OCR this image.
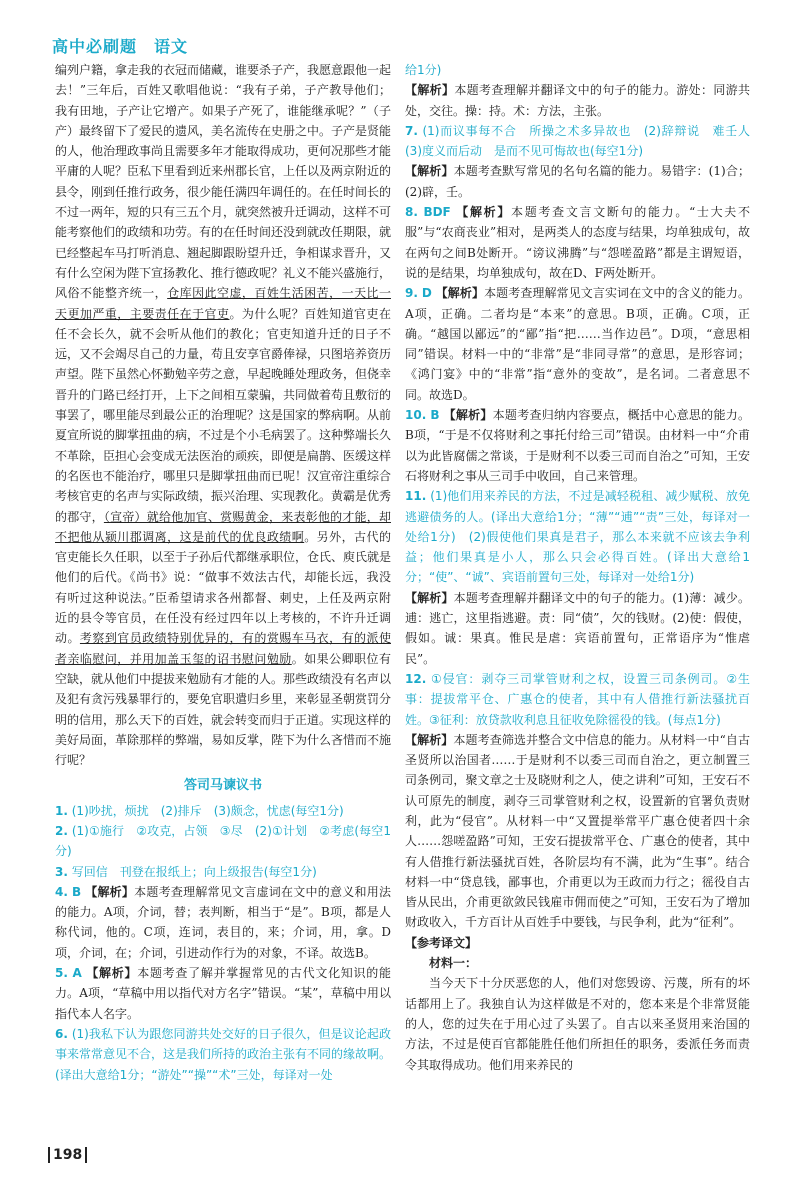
高中必刷题　语文

编列户籍，拿走我的衣冠而储藏，谁要杀子产，我愿意跟他一起去！”三年后，百姓又歌唱他说：“我有子弟，子产教导他们；我有田地，子产让它增产。如果子产死了，谁能继承呢？”（子产）最终留下了爱民的遗风，美名流传在史册之中。子产是贤能的人，他治理政事尚且需要多年才能取得成功，更何况那些才能平庸的人呢？臣私下里看到近来州郡长官，上任以及两京附近的县令，刚到任推行政务，很少能任满四年调任的。在任时间长的不过一两年，短的只有三五个月，就突然被升迁调动，这样不可能考察他们的政绩和功劳。有的在任时间还没到就改任期限，就已经整起车马打听消息、翘起脚跟盼望升迁，争相谋求晋升，又有什么空闲为陛下宣扬教化、推行德政呢？礼义不能兴盛施行，风俗不能整齐统一，仓库因此空虚，百姓生活困苦，一天比一天更加严重，主要责任在于官吏。为什么呢？百姓知道官吏在任不会长久，就不会听从他们的教化；官吏知道升迁的日子不远，又不会竭尽自己的力量，苟且安享官爵俸禄，只图培养资历声望。陛下虽然心怀勤勉辛劳之意，早起晚睡处理政务，但侥幸晋升的门路已经打开，上下之间相互蒙骗，共同做着苟且敷衍的事罢了，哪里能尽到最公正的治理呢？这是国家的弊病啊。从前夏宣所说的脚掌扭曲的病，不过是个小毛病罢了。这种弊端长久不革除，臣担心会变成无法医治的顽疾，即便是扁鹊、医缓这样的名医也不能治疗，哪里只是脚掌扭曲而已呢！汉宣帝注重综合考核官吏的名声与实际政绩，振兴治理、实现教化。黄霸是优秀的郡守，（宣帝）就给他加官、赏赐黄金，来表彰他的才能，却不把他从颍川郡调离，这是前代的优良政绩啊。另外，古代的官吏能长久任职，以至于子孙后代都继承职位，仓氏、庾氏就是他们的后代。《尚书》说：“做事不效法古代，却能长远，我没有听过这种说法。”臣希望请求各州都督、刺史，上任及两京附近的县令等官员，在任没有经过四年以上考核的，不许升迁调动。考察到官员政绩特别优异的，有的赏赐车马衣，有的派使者亲临慰问，并用加盖玉玺的诏书慰问勉励。如果公卿职位有空缺，就从他们中提拔来勉励有才能的人。那些政绩没有名声以及犯有贪污残暴罪行的，要免官职遣归乡里，来彰显圣朝赏罚分明的信用，那么天下的百姓，就会转变而归于正道。实现这样的美好局面，革除那样的弊端，易如反掌，陛下为什么吝惜而不施行呢？

答司马谏议书

1. (1)吵扰，烦扰　(2)排斥　(3)颇念，忧虑(每空1分)

2. (1)①施行　②攻克，占领　③尽　(2)①计划　②考虑(每空1分)

3. 写回信　刊登在报纸上；向上级报告(每空1分)

4. B 【解析】本题考查理解常见文言虚词在文中的意义和用法的能力。A项，介词，替；表判断，相当于“是”。B项，都是人称代词，他的。C项，连词，表目的，来；介词，用，拿。D项，介词，在；介词，引进动作行为的对象，不译。故选B。

5. A 【解析】本题考查了解并掌握常见的古代文化知识的能力。A项，“草稿中用以指代对方名字”错误。“某”，草稿中用以指代本人名字。

6. (1)我私下认为跟您同游共处交好的日子很久，但是议论起政事来常常意见不合，这是我们所持的政治主张有不同的缘故啊。(译出大意给1分；“游处”“操”“术”三处，每译对一处

给1分)

【解析】本题考查理解并翻译文中的句子的能力。游处：同游共处，交往。操：持。术：方法，主张。

7. (1)而议事每不合　所操之术多异故也　(2)辞辩说　难壬人　(3)度义而后动　是而不见可悔故也(每空1分)

【解析】本题考查默写常见的名句名篇的能力。易错字：(1)合；(2)辟，壬。

8. BDF 【解析】本题考查文言文断句的能力。“士大夫不服”与“农商丧业”相对，是两类人的态度与结果，均单独成句，故在两句之间B处断开。“谤议沸腾”与“怨嗟盈路”都是主谓短语，说的是结果，均单独成句，故在D、F两处断开。

9. D 【解析】本题考查理解常见文言实词在文中的含义的能力。A项，正确。二者均是“本来”的意思。B项，正确。C项，正确。“越国以鄙远”的“鄙”指“把……当作边邑”。D项，“意思相同”错误。材料一中的“非常”是“非同寻常”的意思，是形容词；《鸿门宴》中的“非常”指“意外的变故”，是名词。二者意思不同。故选D。

10. B 【解析】本题考查归纳内容要点，概括中心意思的能力。B项，“于是不仅将财利之事托付给三司”错误。由材料一中“介甫以为此皆腐儒之常谈，于是财利不以委三司而自治之”可知，王安石将财利之事从三司手中收回，自己来管理。

11. (1)他们用来养民的方法，不过是减轻税租、减少赋税、放免逃避债务的人。(译出大意给1分；“薄”“逋”“责”三处，每译对一处给1分)　(2)假使他们果真是君子，那么本来就不应该去争利益；他们果真是小人，那么只会必得百姓。(译出大意给1分；“使”、“诚”、宾语前置句三处，每译对一处给1分)

【解析】本题考查理解并翻译文中的句子的能力。(1)薄：减少。逋：逃亡，这里指逃避。责：同“债”，欠的钱财。(2)使：假使，假如。诚：果真。惟民是虐：宾语前置句，正常语序为“惟虐民”。

12. ①侵官：剥夺三司掌管财利之权，设置三司条例司。②生事：提拔常平仓、广惠仓的使者，其中有人借推行新法骚扰百姓。③征利：放贷款收利息且征收免除徭役的钱。(每点1分)

【解析】本题考查筛选并整合文中信息的能力。从材料一中“自古圣贤所以治国者……于是财利不以委三司而自治之，更立制置三司条例司，聚文章之士及晓财利之人，使之讲利”可知，王安石不认可原先的制度，剥夺三司掌管财利之权，设置新的官署负责财利，此为“侵官”。从材料一中“又置提举常平广惠仓使者四十余人……怨嗟盈路”可知，王安石提拔常平仓、广惠仓的使者，其中有人借推行新法骚扰百姓，各阶层均有不满，此为“生事”。结合材料一中“贷息钱，鄙事也，介甫更以为王政而力行之；徭役自古皆从民出，介甫更欲敛民钱雇市佣而使之”可知，王安石为了增加财政收入，千方百计从百姓手中要钱，与民争利，此为“征利”。

【参考译文】

材料一：

当今天下十分厌恶您的人，他们对您毁谤、污蔑，所有的坏话都用上了。我独自认为这样做是不对的，您本来是个非常贤能的人，您的过失在于用心过了头罢了。自古以来圣贤用来治国的方法，不过是使百官都能胜任他们所担任的职务，委派任务而责令其取得成功。他们用来养民的

198
